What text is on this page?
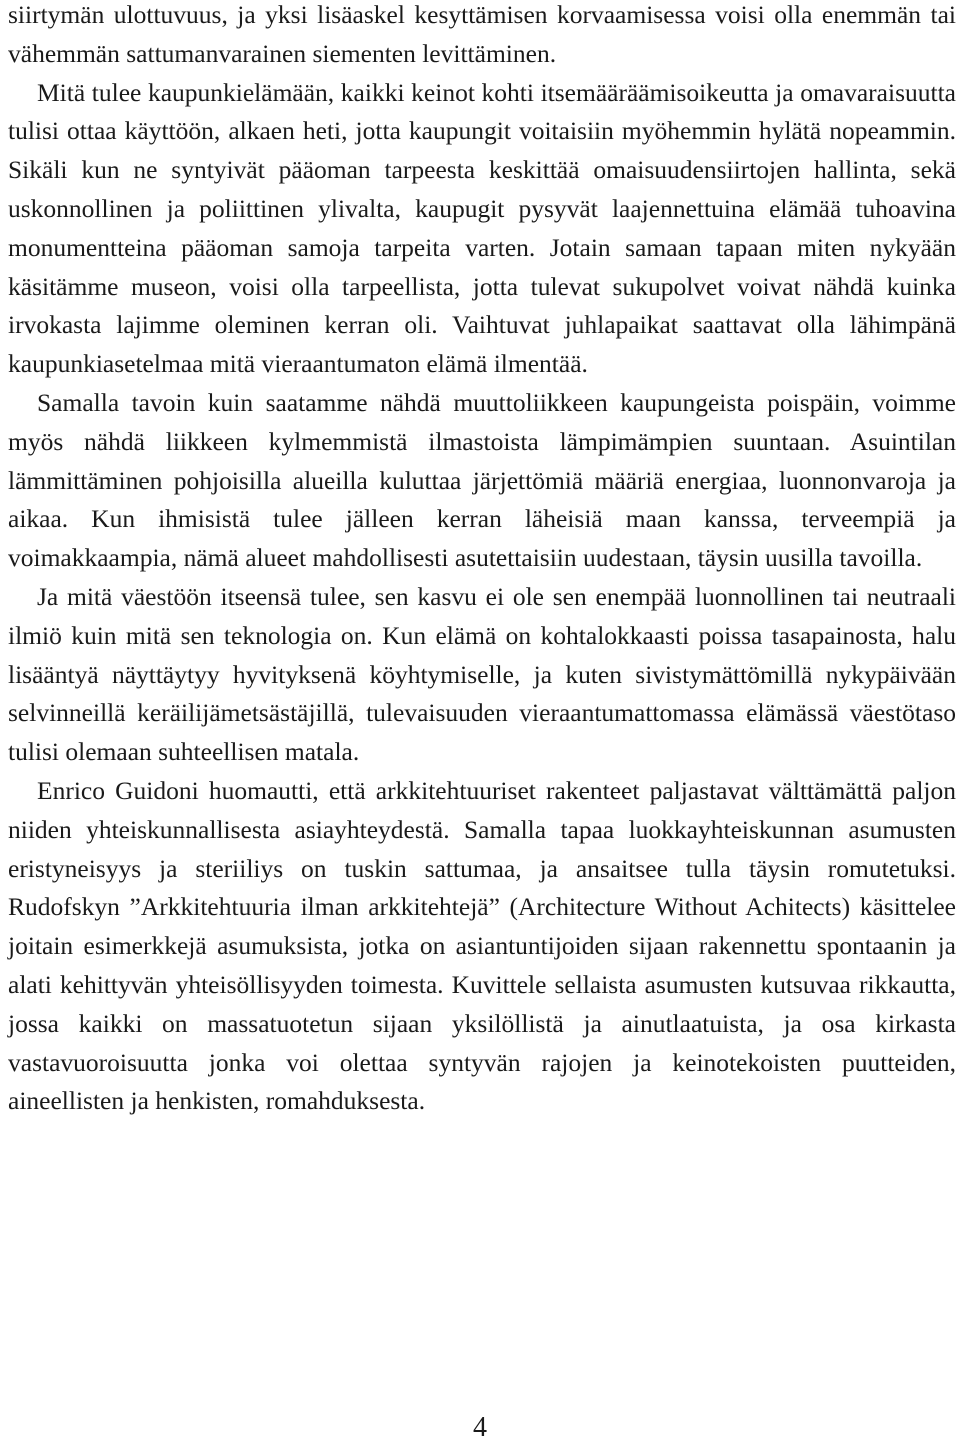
siirtymän ulottuvuus, ja yksi lisäaskel kesyttämisen korvaamisessa voisi olla enemmän tai vähemmän sattumanvarainen siementen levittäminen.

Mitä tulee kaupunkielämään, kaikki keinot kohti itsemääräämisoikeutta ja omavaraisuutta tulisi ottaa käyttöön, alkaen heti, jotta kaupungit voitaisiin myöhemmin hylätä nopeammin. Sikäli kun ne syntyivät pääoman tarpeesta keskittää omaisuudensiirtojen hallinta, sekä uskonnollinen ja poliittinen ylivalta, kaupugit pysyvät laajennettuina elämää tuhoavina monumentteina pääoman samoja tarpeita varten. Jotain samaan tapaan miten nykyään käsitämme museon, voisi olla tarpeellista, jotta tulevat sukupolvet voivat nähdä kuinka irvokasta lajimme oleminen kerran oli. Vaihtuvat juhlapaikat saattavat olla lähimpänä kaupunkiasetelmaa mitä vieraantumaton elämä ilmentää.

Samalla tavoin kuin saatamme nähdä muuttoliikkeen kaupungeista poispäin, voimme myös nähdä liikkeen kylmemmistä ilmastoista lämpimämpien suuntaan. Asuintilan lämmittäminen pohjoisilla alueilla kuluttaa järjettömiä määriä energiaa, luonnonvaroja ja aikaa. Kun ihmisistä tulee jälleen kerran läheisiä maan kanssa, terveempiä ja voimakkaampia, nämä alueet mahdollisesti asutettaisiin uudestaan, täysin uusilla tavoilla.

Ja mitä väestöön itseensä tulee, sen kasvu ei ole sen enempää luonnollinen tai neutraali ilmiö kuin mitä sen teknologia on. Kun elämä on kohtalokkaasti poissa tasapainosta, halu lisääntyä näyttäytyy hyvityksenä köyhtymiselle, ja kuten sivistymättömillä nykypäivään selvinneillä keräilijämetsästäjillä, tulevaisuuden vieraantumattomassa elämässä väestötaso tulisi olemaan suhteellisen matala.

Enrico Guidoni huomautti, että arkkitehtuuriset rakenteet paljastavat välttämättä paljon niiden yhteiskunnallisesta asiayhteydestä. Samalla tapaa luokkayhteiskunnan asumusten eristyneisyys ja steriiliys on tuskin sattumaa, ja ansaitsee tulla täysin romutetuksi. Rudofskyn ”Arkkitehtuuria ilman arkkitehtejä” (Architecture Without Achitects) käsittelee joitain esimerkkejä asumuksista, jotka on asiantuntijoiden sijaan rakennettu spontaanin ja alati kehittyvän yhteisöllisyyden toimesta. Kuvittele sellaista asumusten kutsuvaa rikkautta, jossa kaikki on massatuotetun sijaan yksilöllistä ja ainutlaatuista, ja osa kirkasta vastavuoroisuutta jonka voi olettaa syntyvän rajojen ja keinotekoisten puutteiden, aineellisten ja henkisten, romahduksesta.

4
